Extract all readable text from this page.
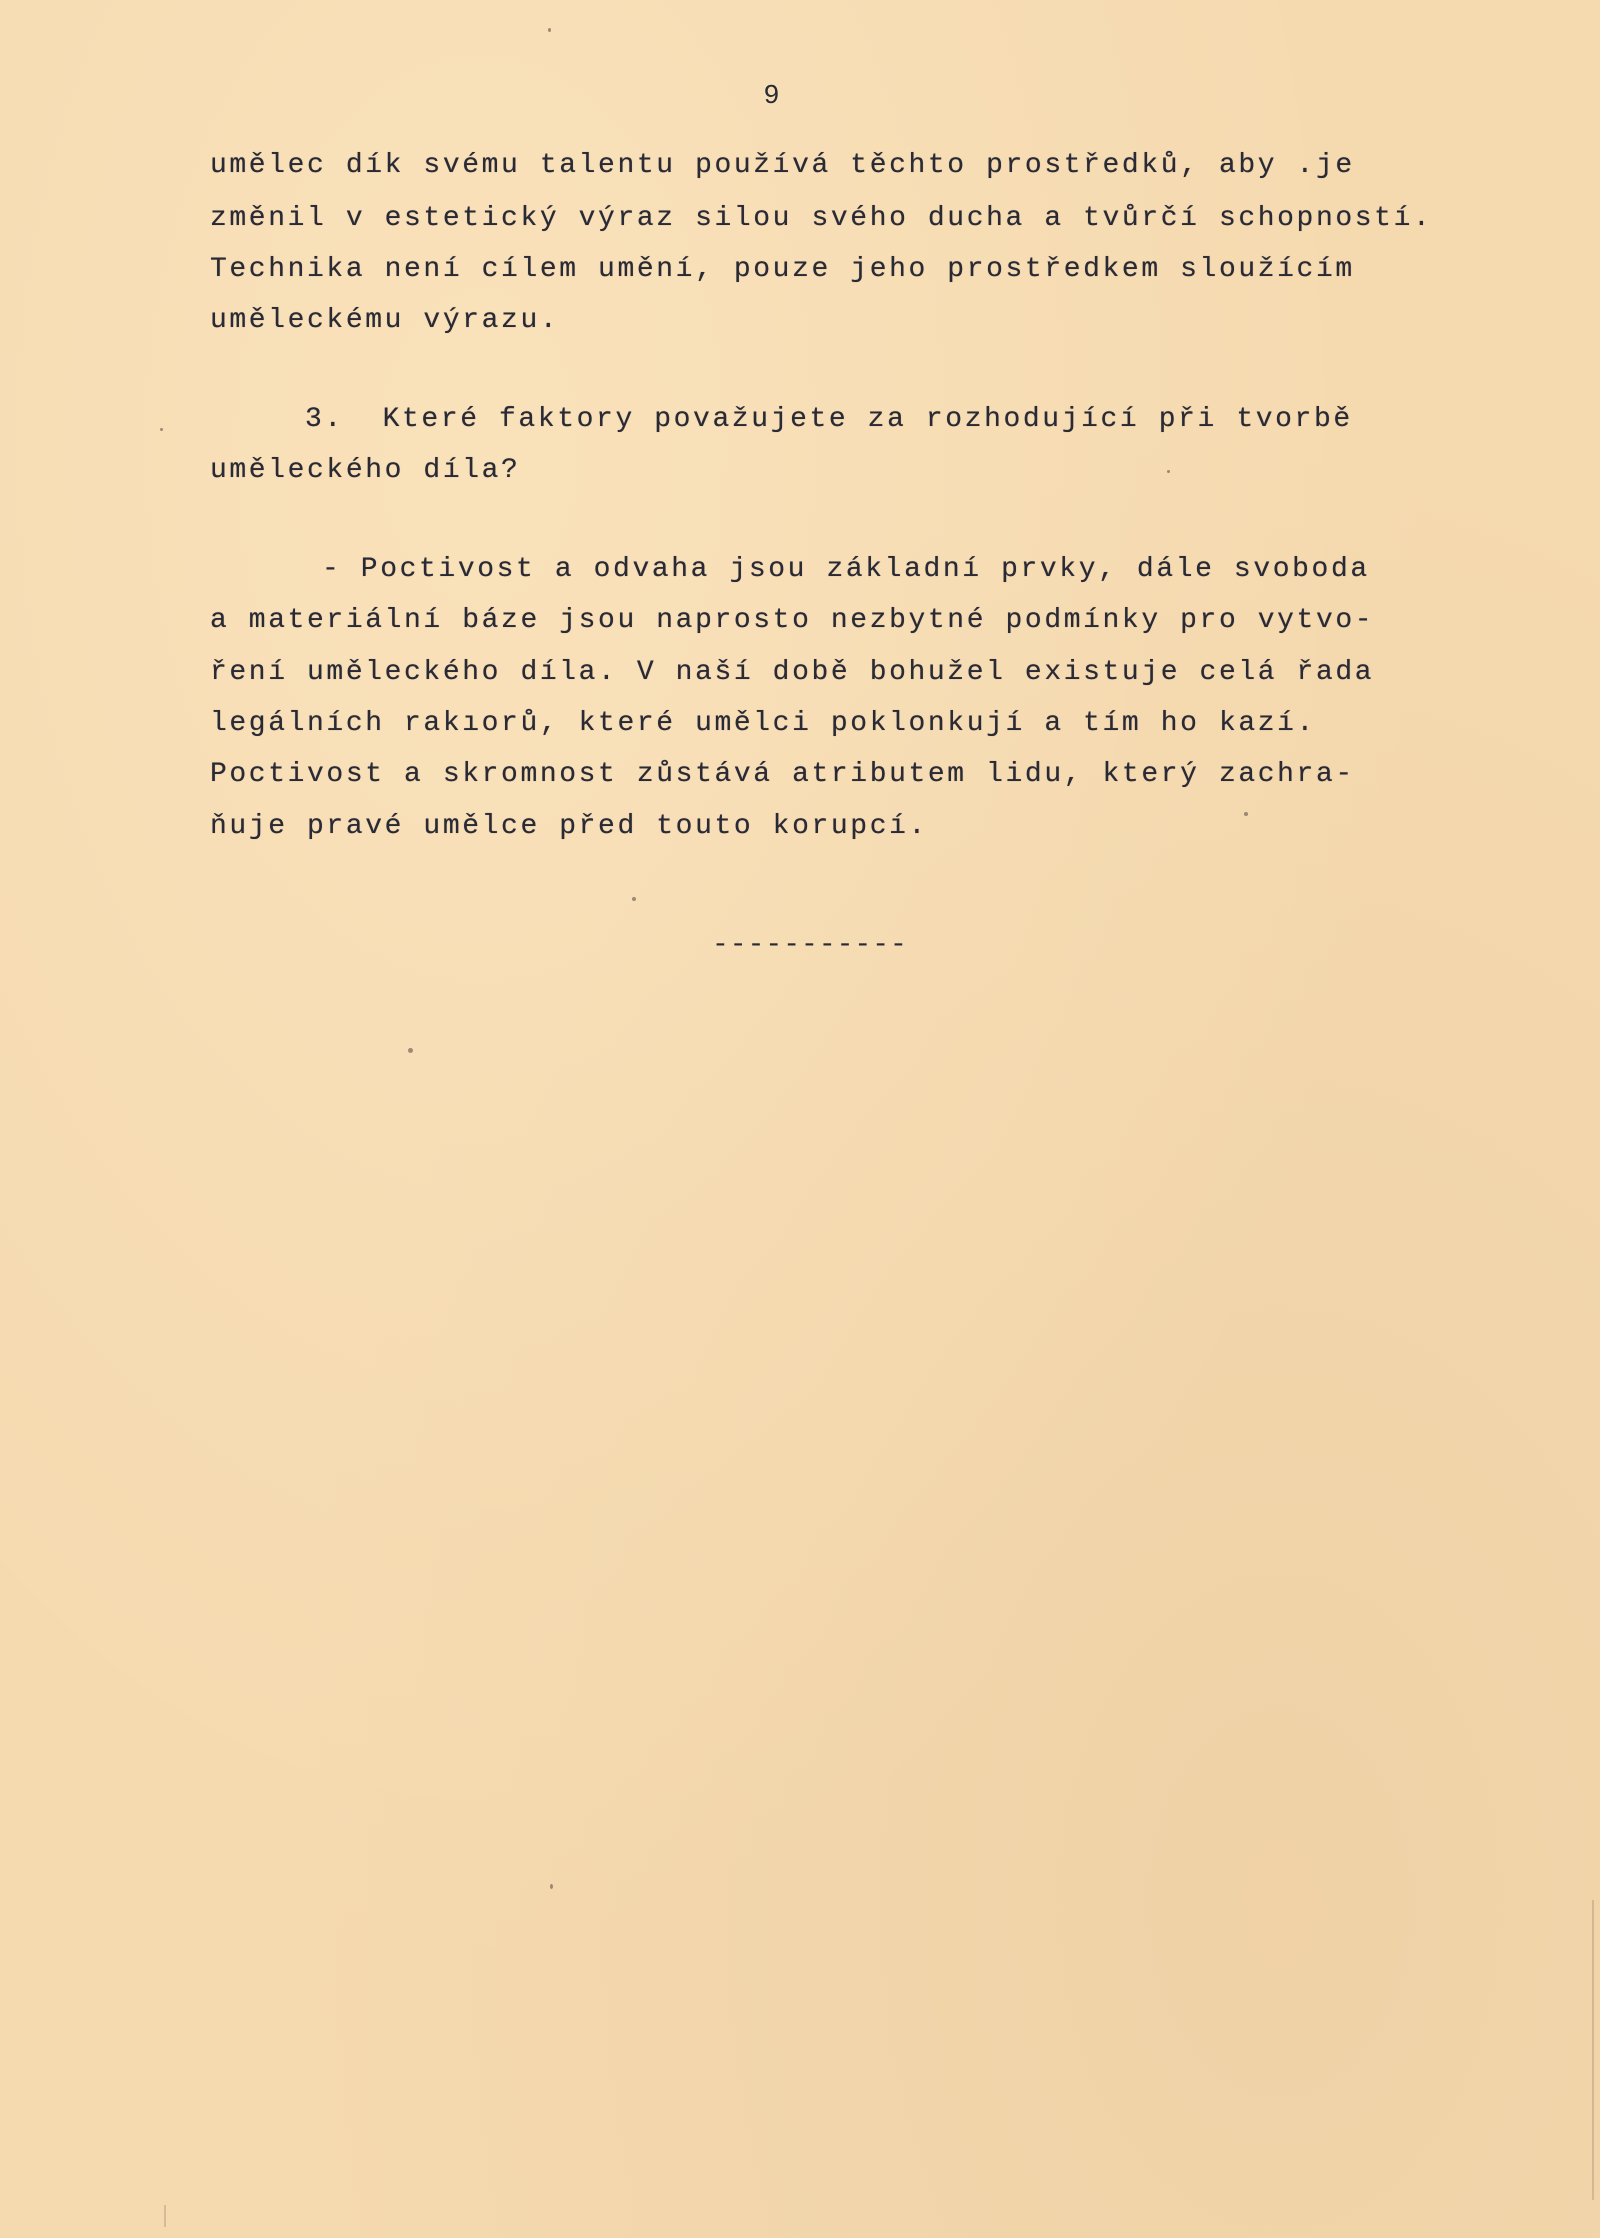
9
umělec dík svému talentu používá těchto prostředků, aby .je
změnil v estetický výraz silou svého ducha a tvůrčí schopností.
Technika není cílem umění, pouze jeho prostředkem sloužícím
uměleckému výrazu.
3.  Které faktory považujete za rozhodující při tvorbě
uměleckého díla?
- Poctivost a odvaha jsou základní prvky, dále svoboda
a materiální báze jsou naprosto nezbytné podmínky pro vytvo-
ření uměleckého díla. V naší době bohužel existuje celá řada
legálních rakıorů, které umělci poklonkují a tím ho kazí.
Poctivost a skromnost zůstává atributem lidu, který zachra-
ňuje pravé umělce před touto korupcí.
-----------
